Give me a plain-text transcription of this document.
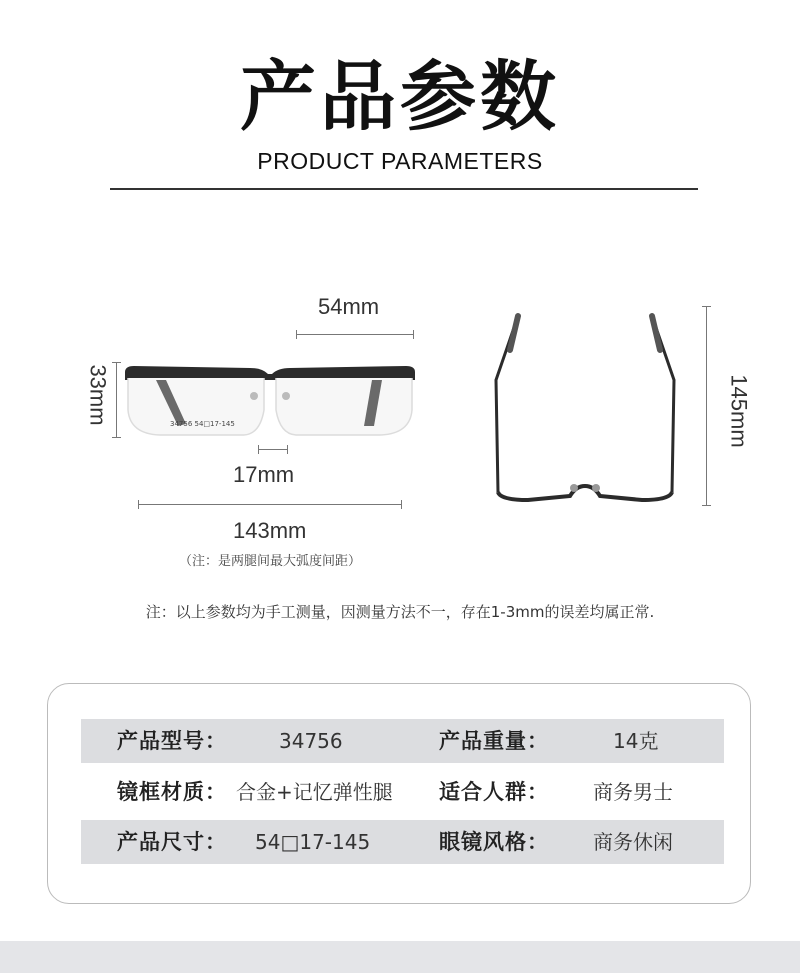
产品参数
PRODUCT PARAMETERS
54mm
33mm	34756 54□17-145
17mm
143mm
（注：是两腿间最大弧度间距）
145mm
注：以上参数均为手工测量，因测量方法不一，存在1-3mm的误差均属正常.
产品型号：	34756	产品重量：	14克
镜框材质： 合金+记忆弹性腿 适合人群： 商务男士
产品尺寸： 54□17-145	眼镜风格： 商务休闲
